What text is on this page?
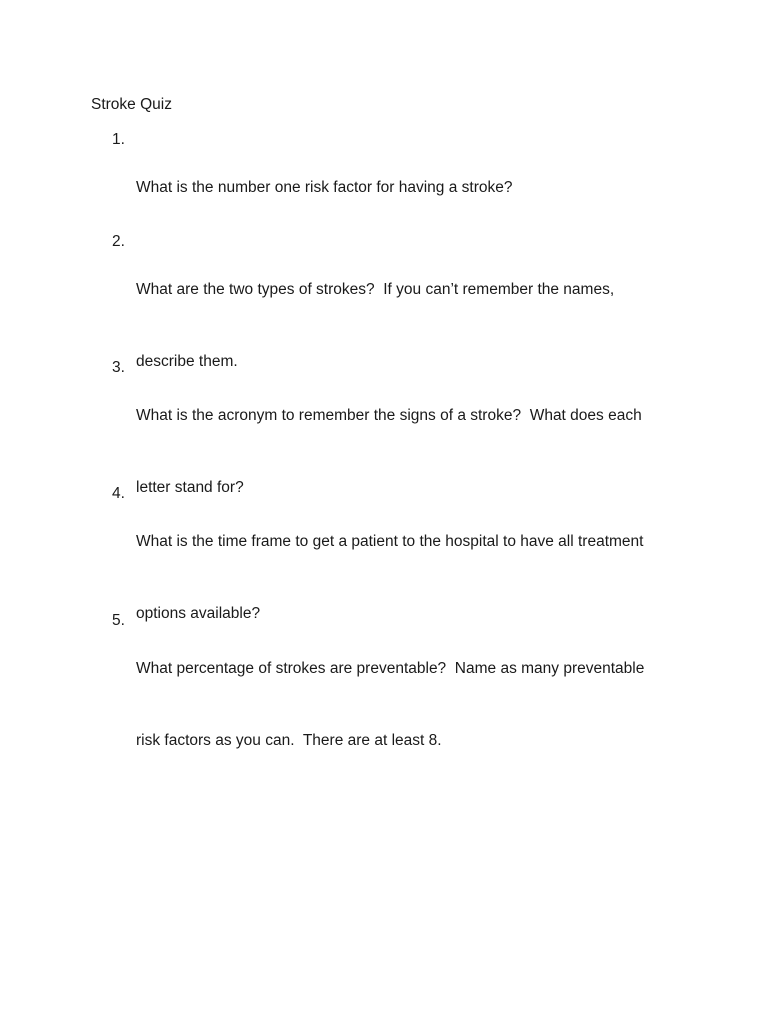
Stroke Quiz
1.

What is the number one risk factor for having a stroke?

2.

What are the two types of strokes?  If you can’t remember the names,

describe them.

3.

What is the acronym to remember the signs of a stroke?  What does each

letter stand for?

4.

What is the time frame to get a patient to the hospital to have all treatment

options available?

5.

What percentage of strokes are preventable?  Name as many preventable

risk factors as you can.  There are at least 8.
